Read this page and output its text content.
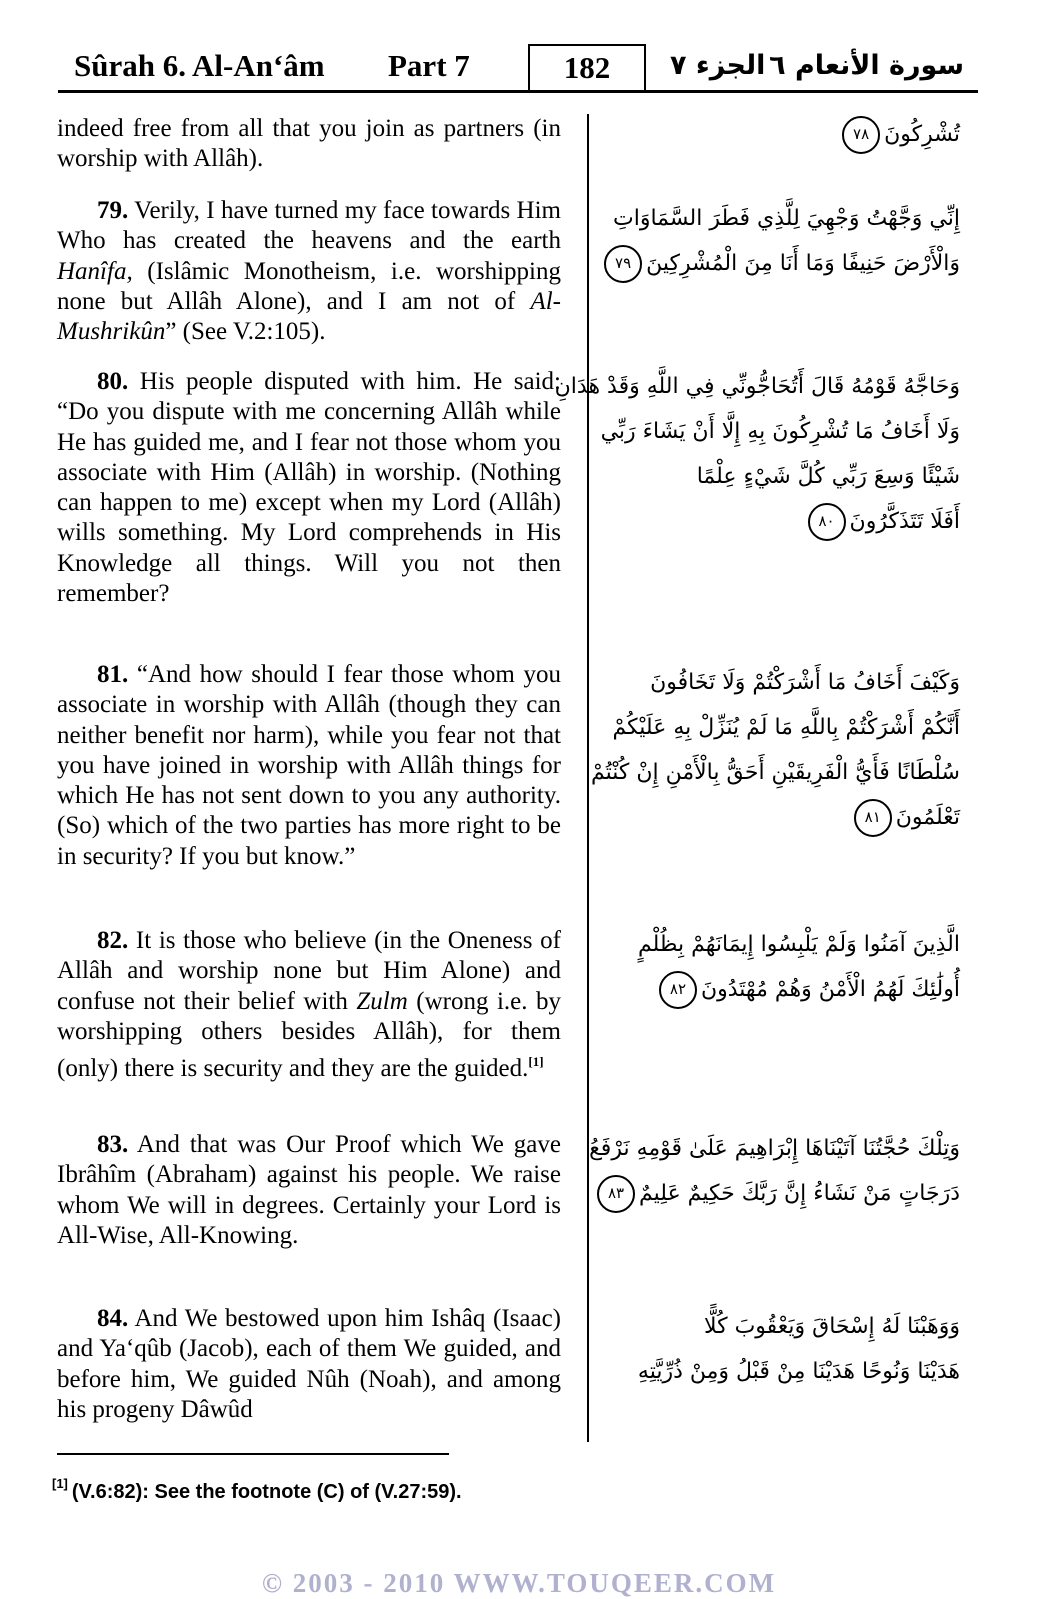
Sûrah 6. Al-An‘âm Part 7	182 الجزء ٧ سورة الأنعام ٦

indeed free from all that you join as partners (in worship with Allâh).

79. Verily, I have turned my face towards Him Who has created the heavens and the earth Hanîfa, (Islâmic Monotheism, i.e. worshipping none but Allâh Alone), and I am not of Al-Mushrikûn” (See V.2:105).

80. His people disputed with him. He said: “Do you dispute with me concerning Allâh while He has guided me, and I fear not those whom you associate with Him (Allâh) in worship. (Nothing can happen to me) except when my Lord (Allâh) wills something. My Lord comprehends in His Knowledge all things. Will you not then remember?

81. “And how should I fear those whom you associate in worship with Allâh (though they can neither benefit nor harm), while you fear not that you have joined in worship with Allâh things for which He has not sent down to you any authority. (So) which of the two parties has more right to be in security? If you but know.”

82. It is those who believe (in the Oneness of Allâh and worship none but Him Alone) and confuse not their belief with Zulm (wrong i.e. by worshipping others besides Allâh), for them (only) there is security and they are the guided.[1]

83. And that was Our Proof which We gave Ibrâhîm (Abraham) against his people. We raise whom We will in degrees. Certainly your Lord is All-Wise, All-Knowing.

84. And We bestowed upon him Ishâq (Isaac) and Ya‘qûb (Jacob), each of them We guided, and before him, We guided Nûh (Noah), and among his progeny Dâwûd

تُشْرِكُونَ٧٨
إِنِّي وَجَّهْتُ وَجْهِيَ لِلَّذِي فَطَرَ السَّمَاوَاتِ
وَالْأَرْضَ حَنِيفًا وَمَا أَنَا مِنَ الْمُشْرِكِينَ٧٩
وَحَاجَّهُ قَوْمُهُ قَالَ أَتُحَاجُّونِّي فِي اللَّهِ وَقَدْ هَدَانِ
وَلَا أَخَافُ مَا تُشْرِكُونَ بِهِ إِلَّا أَنْ يَشَاءَ رَبِّي
شَيْئًا وَسِعَ رَبِّي كُلَّ شَيْءٍ عِلْمًا
أَفَلَا تَتَذَكَّرُونَ٨٠
وَكَيْفَ أَخَافُ مَا أَشْرَكْتُمْ وَلَا تَخَافُونَ
أَنَّكُمْ أَشْرَكْتُمْ بِاللَّهِ مَا لَمْ يُنَزِّلْ بِهِ عَلَيْكُمْ
سُلْطَانًا فَأَيُّ الْفَرِيقَيْنِ أَحَقُّ بِالْأَمْنِ إِنْ كُنْتُمْ
تَعْلَمُونَ٨١
الَّذِينَ آمَنُوا وَلَمْ يَلْبِسُوا إِيمَانَهُمْ بِظُلْمٍ
أُولَٰئِكَ لَهُمُ الْأَمْنُ وَهُمْ مُهْتَدُونَ٨٢
وَتِلْكَ حُجَّتُنَا آتَيْنَاهَا إِبْرَاهِيمَ عَلَىٰ قَوْمِهِ نَرْفَعُ
دَرَجَاتٍ مَنْ نَشَاءُ إِنَّ رَبَّكَ حَكِيمٌ عَلِيمٌ٨٣
وَوَهَبْنَا لَهُ إِسْحَاقَ وَيَعْقُوبَ كُلًّا
هَدَيْنَا وَنُوحًا هَدَيْنَا مِنْ قَبْلُ وَمِنْ ذُرِّيَّتِهِ
[1] (V.6:82): See the footnote (C) of (V.27:59).
© 2003 - 2010 WWW.TOUQEER.COM
